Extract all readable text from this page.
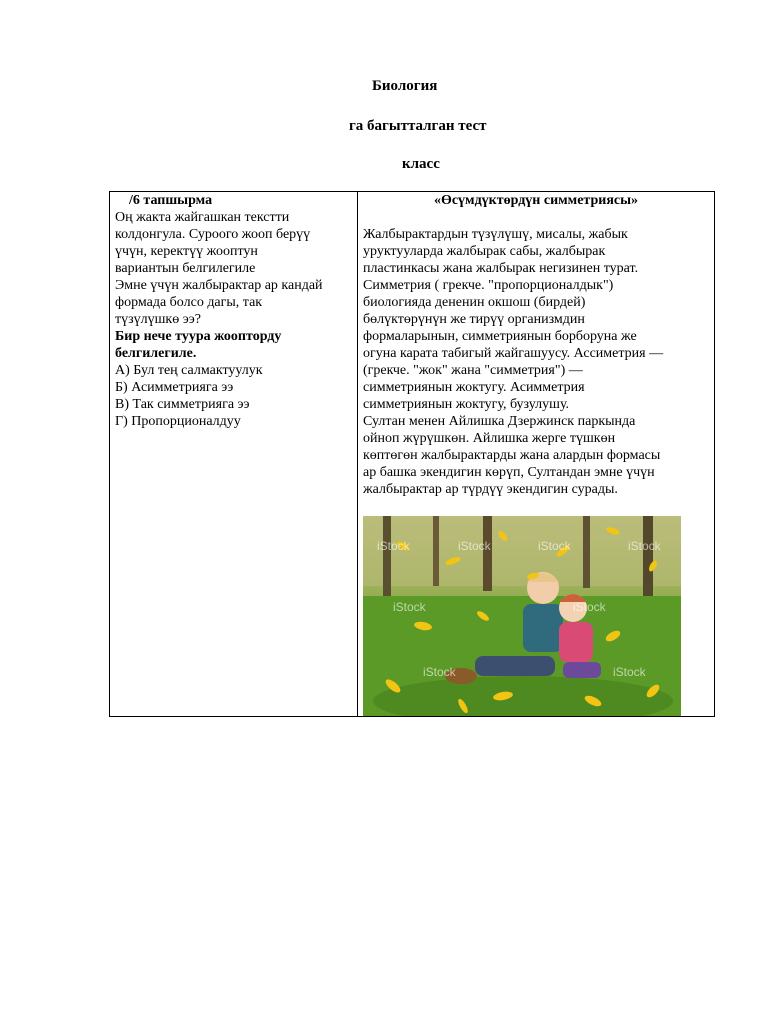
Биология
га багытталган тест
класс
/6 тапшырма
Оң жакта жайгашкан текстти
колдонгула. Суроого жооп берүү
үчүн, керектүү жооптун
вариантын белгилегиле
Эмне үчүн жалбырактар ар кандай
формада болсо дагы, так
түзүлүшкө ээ?
Бир нече туура жоопторду
белгилегиле.
А) Бул тең салмактуулук
Б) Асимметрияга ээ
В) Так симметрияга ээ
Г) Пропорционалдуу

«Өсүмдүктөрдүн симметриясы»
Жалбырактардын түзүлүшү, мисалы, жабык
уруктууларда жалбырак сабы, жалбырак
пластинкасы жана жалбырак негизинен турат.
Симметрия ( грекче. "пропорционалдык")
биологияда дененин окшош (бирдей)
бөлүктөрүнүн же тирүү организмдин
формаларынын, симметриянын борборуна же
огуна карата табигый жайгашуусу. Ассиметрия —
(грекче. "жок" жана "симметрия") —
симметриянын жоктугу. Асимметрия
симметриянын жоктугу, бузулушу.
Султан менен Айлишка Дзержинск паркында
ойноп жүрүшкөн. Айлишка жерге түшкөн
көптөгөн жалбырактарды жана алардын формасы
ар башка экендигин көрүп, Султандан эмне үчүн
жалбырактар ар түрдүү экендигин сурады.
iStock	iStock	iStock	iStock
iStock	iStock
iStock	iStock
